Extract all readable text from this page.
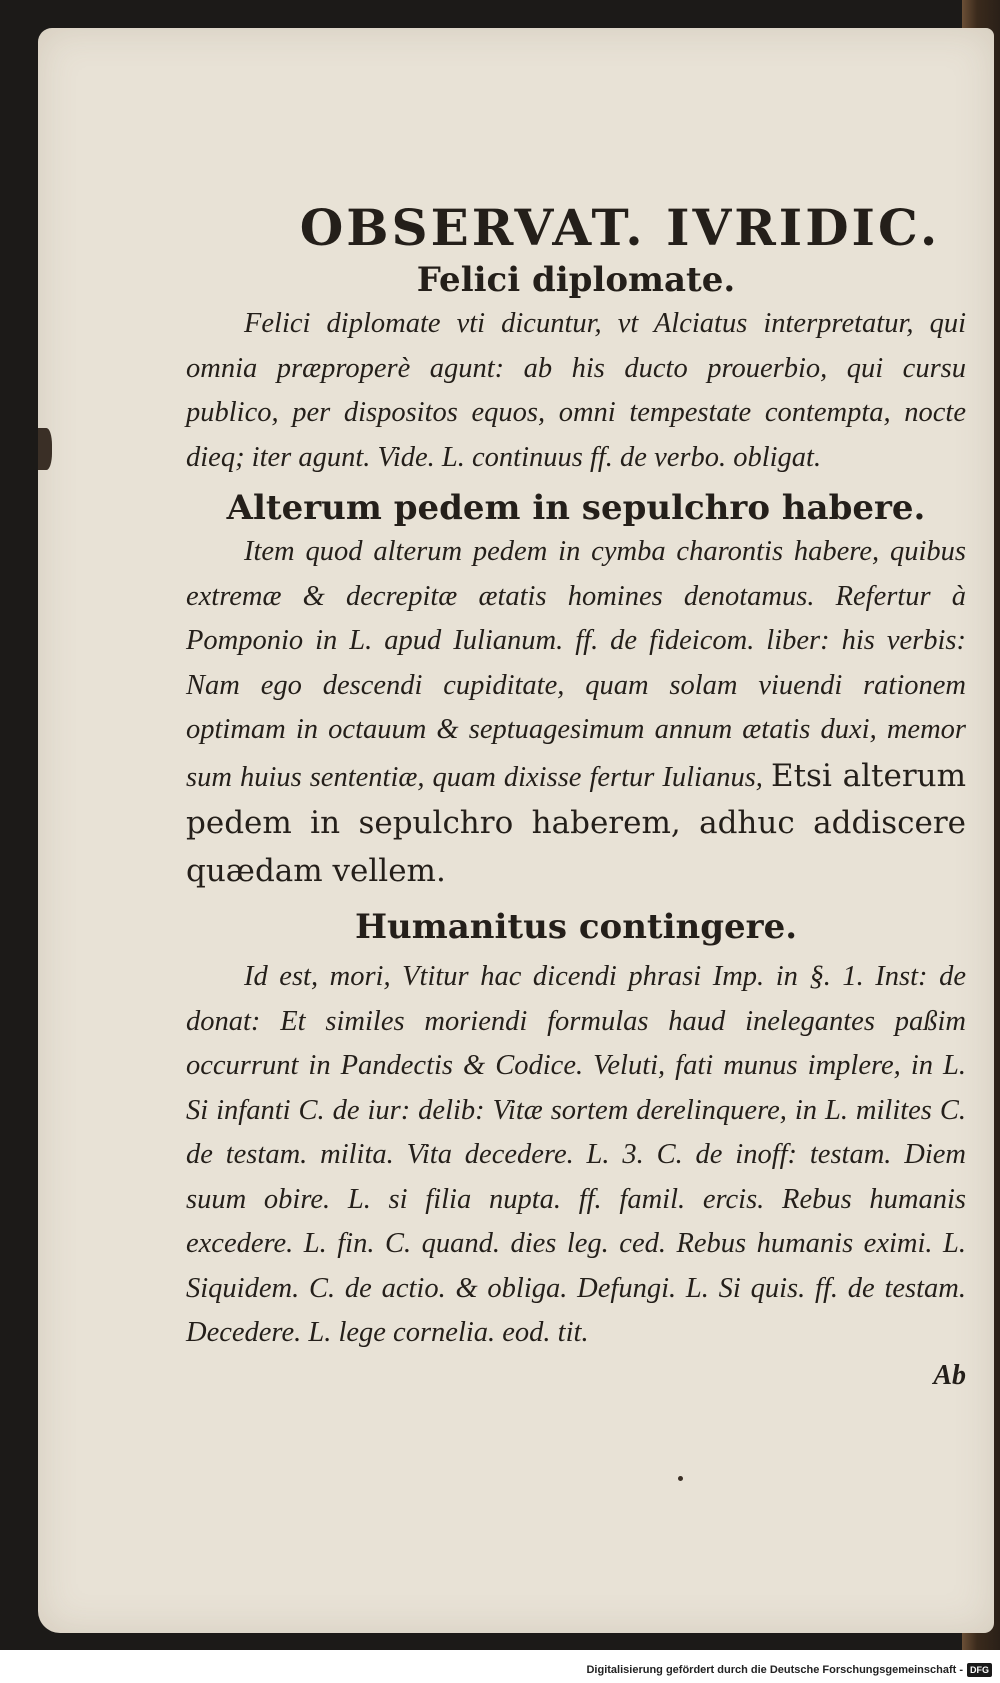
OBSERVAT. IVRIDIC.
Felici diplomate.

Felici diplomate vti dicuntur, vt Alciatus interpretatur, qui omnia præproperè agunt: ab his ducto prouerbio, qui cursu publico, per dispositos equos, omni tempestate contempta, nocte dieq; iter agunt. Vide. L. continuus ff. de verbo. obligat.

Alterum pedem in sepulchro habere.

Item quod alterum pedem in cymba charontis habere, quibus extremæ & decrepitæ ætatis homines denotamus. Refertur à Pomponio in L. apud Iulianum. ff. de fideicom. liber: his verbis: Nam ego descendi cupiditate, quam solam viuendi rationem optimam in octauum & septuagesimum annum ætatis duxi, memor sum huius sententiæ, quam dixisse fertur Iulianus, Etsi alterum pedem in sepulchro haberem, adhuc addiscere quædam vellem.

Humanitus contingere.

Id est, mori, Vtitur hac dicendi phrasi Imp. in §. 1. Inst: de donat: Et similes moriendi formulas haud inelegantes paßim occurrunt in Pandectis & Codice. Veluti, fati munus implere, in L. Si infanti C. de iur: delib: Vitæ sortem derelinquere, in L. milites C. de testam. milita. Vita decedere. L. 3. C. de inoff: testam. Diem suum obire. L. si filia nupta. ff. famil. ercis. Rebus humanis excedere. L. fin. C. quand. dies leg. ced. Rebus humanis eximi. L. Siquidem. C. de actio. & obliga. Defungi. L. Si quis. ff. de testam. Decedere. L. lege cornelia. eod. tit.

Ab

Digitalisierung gefördert durch die Deutsche Forschungsgemeinschaft - DFG
